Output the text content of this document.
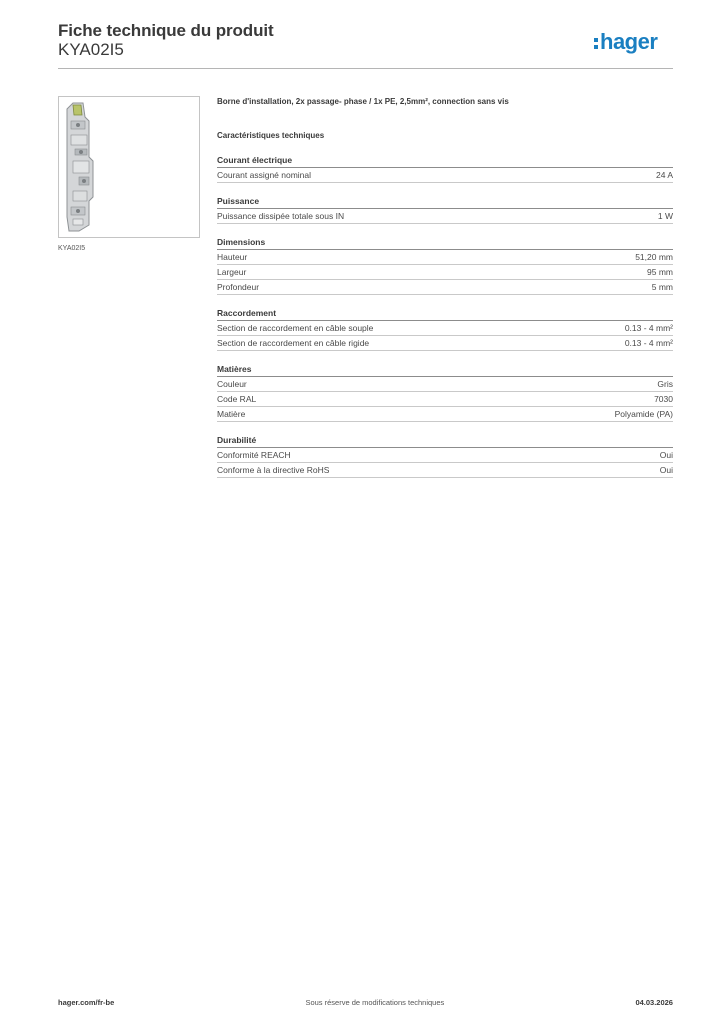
Fiche technique du produit
KYA02I5	hager
KYA02I5
Borne d'installation, 2x passage- phase / 1x PE, 2,5mm², connection sans vis
Caractéristiques techniques
Courant électrique
Courant assigné nominal	24 A
Puissance
Puissance dissipée totale sous IN	1 W
Dimensions
Hauteur	51,20 mm
Largeur	95 mm
Profondeur	5 mm
Raccordement
Section de raccordement en câble souple	0.13 - 4 mm²
Section de raccordement en câble rigide	0.13 - 4 mm²
Matières
Couleur	Gris
Code RAL	7030
Matière	Polyamide (PA)
Durabilité
Conformité REACH	Oui
Conforme à la directive RoHS	Oui
hager.com/fr-be	Sous réserve de modifications techniques	04.03.2026
